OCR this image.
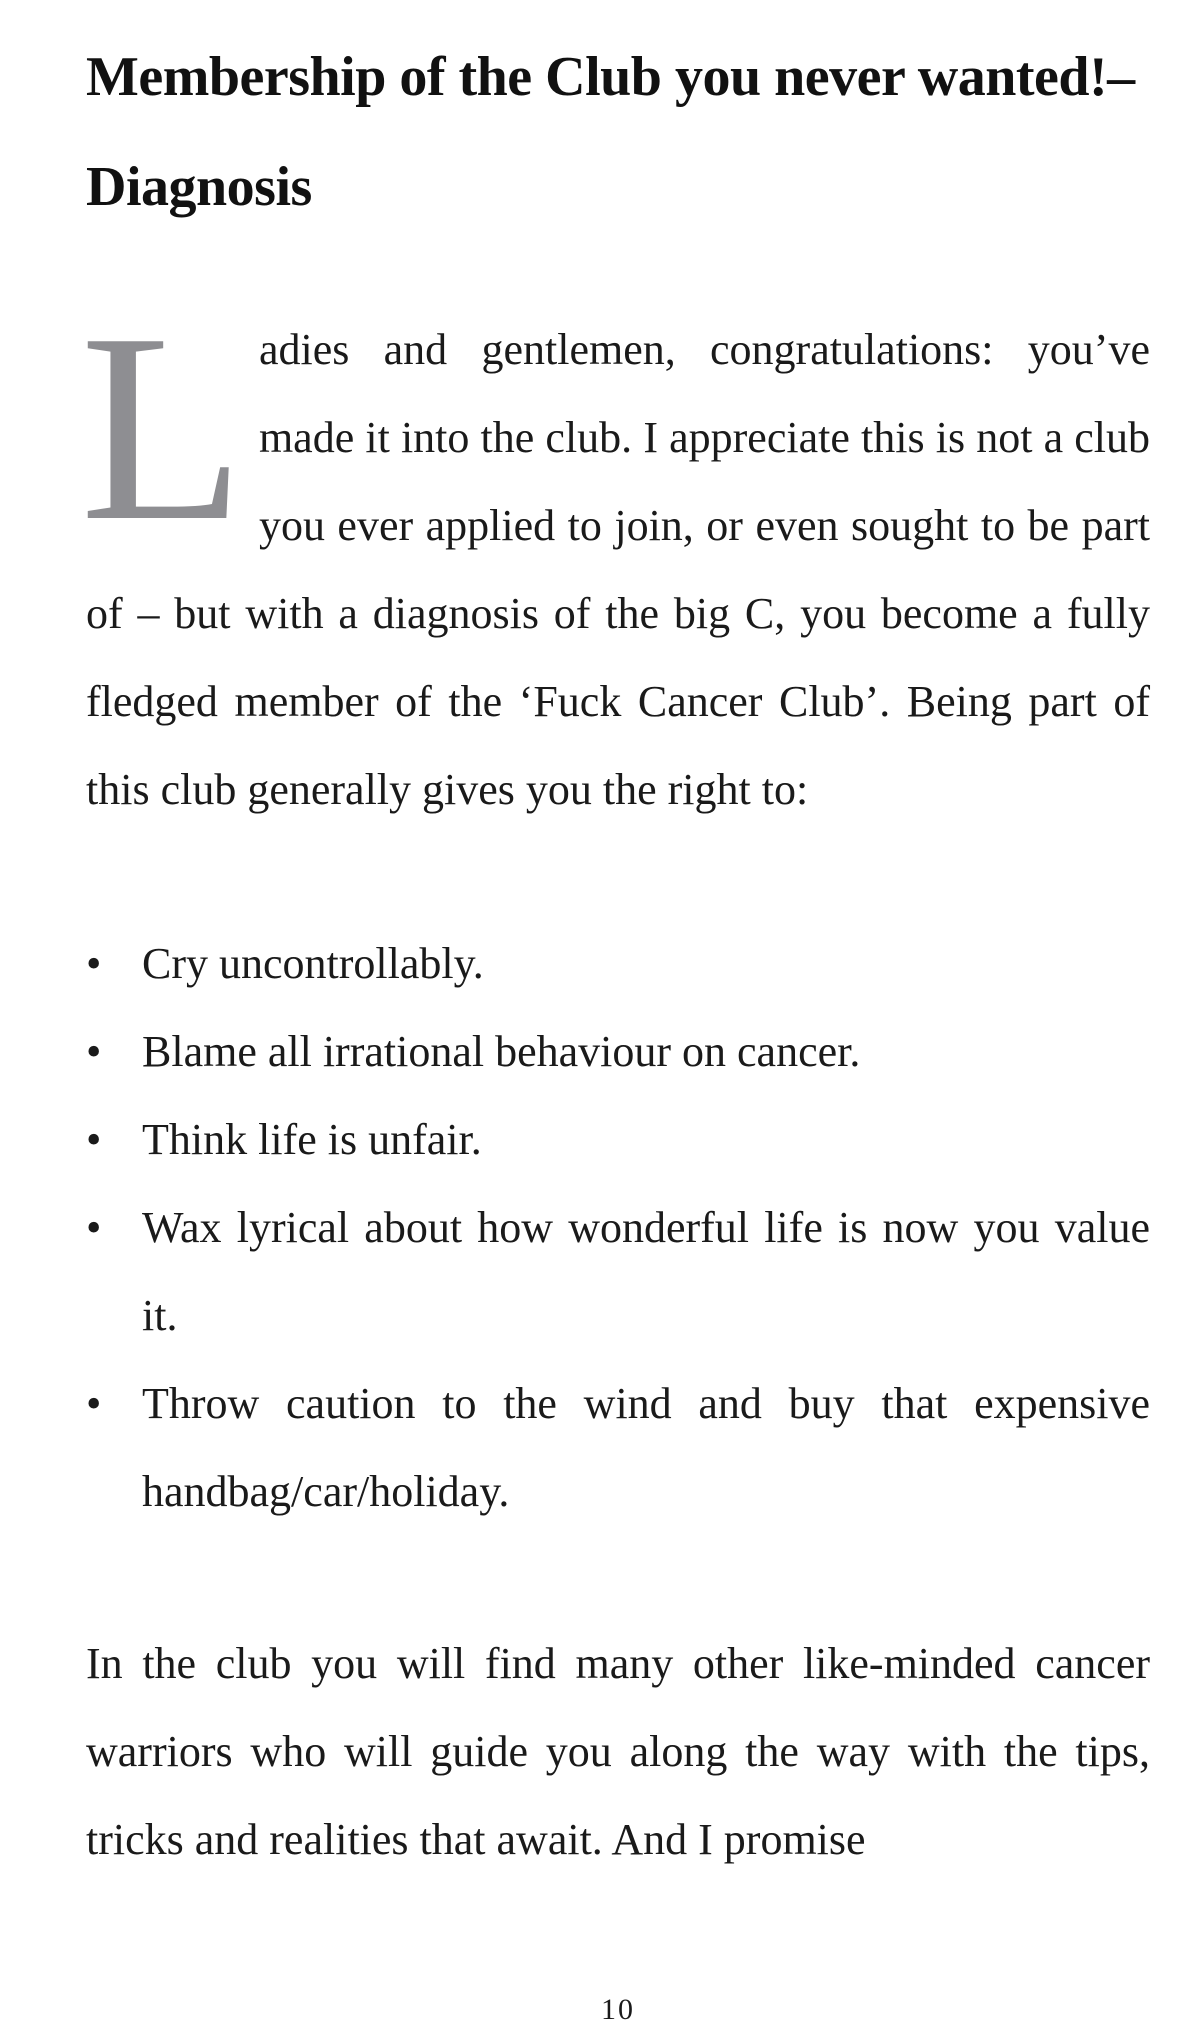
Membership of the Club you never wanted!– Diagnosis

Ladies and gentlemen, congratulations: you’ve made it into the club. I appreciate this is not a club you ever applied to join, or even sought to be part of – but with a diagnosis of the big C, you become a fully fledged member of the ‘Fuck Cancer Club’. Being part of this club generally gives you the right to:

• Cry uncontrollably.
• Blame all irrational behaviour on cancer.
• Think life is unfair.
• Wax lyrical about how wonderful life is now you value it.
• Throw caution to the wind and buy that expensive handbag/car/holiday.

In the club you will find many other like-minded cancer warriors who will guide you along the way with the tips, tricks and realities that await. And I promise

10
